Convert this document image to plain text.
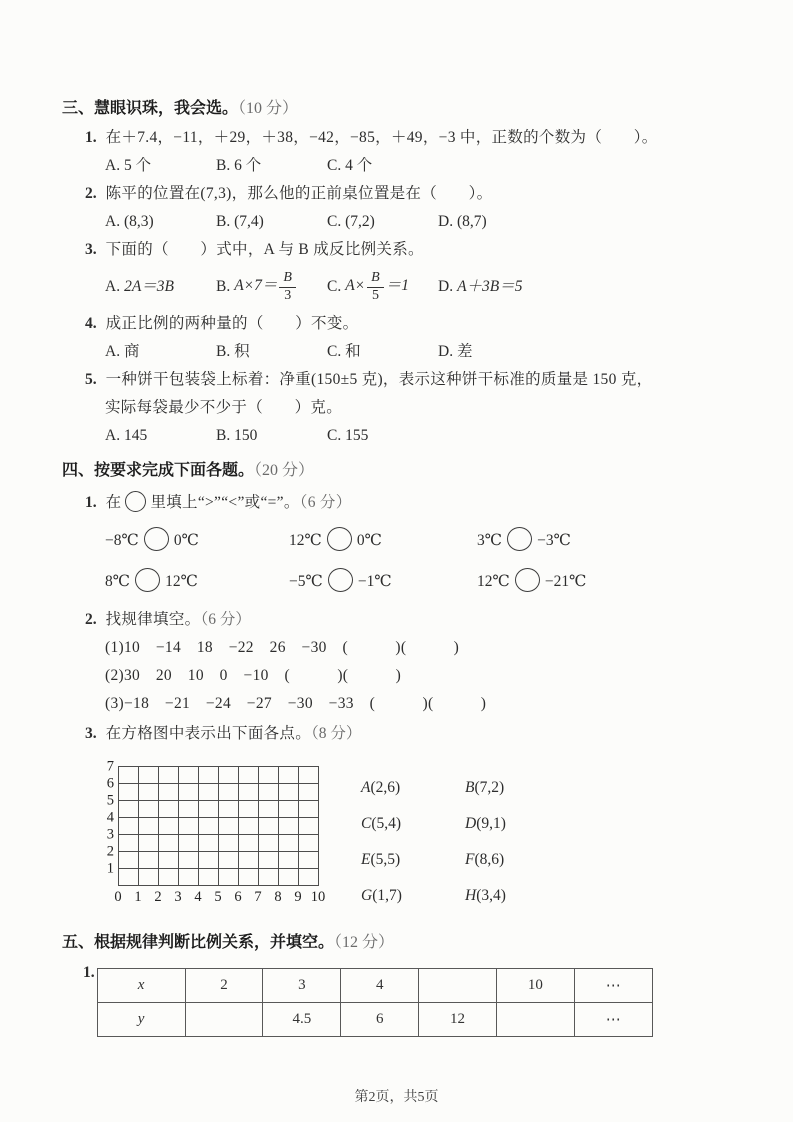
三、慧眼识珠，我会选。（10 分）
1. 在＋7.4，−11，＋29，＋38，−42，−85，＋49，−3 中，正数的个数为（　　）。
A. 5 个	B. 6 个	C. 4 个
2. 陈平的位置在(7,3)，那么他的正前桌位置是在（　　）。
A. (8,3)	B. (7,4)	C. (7,2)	D. (8,7)
3. 下面的（　　）式中，A 与 B 成反比例关系。
A. 2A＝3B	B. $A\times 7= \frac{B}{3} C$. $A\times \frac{B}{5} =1$	D. A＋3B＝5
4. 成正比例的两种量的（　　）不变。
A. 商	B. 积	C. 和	D. 差
5. 一种饼干包装袋上标着：净重(150±5 克)，表示这种饼干标准的质量是 150 克，
实际每袋最少不少于（　　）克。
A. 145	B. 150	C. 155
四、按要求完成下面各题。（20 分）
1. 在 里填上“>”“<”或“=”。（6 分）
−8℃ 0℃	12℃ 0℃	3℃ −3℃
8℃ 12℃	−5℃ −1℃	12℃ −21℃
2. 找规律填空。（6 分）
(1)10　−14　18　−22　26　−30　(　　　)(　　　)
(2)30　20　10　0　−10　(　　　)(　　　)
(3)−18　−21　−24　−27　−30　−33　(　　　)(　　　)
3. 在方格图中表示出下面各点。（8 分）
7
6
5
4
3
2
1
0 1 2 3 4 5 6 7 8 9 10
A(2,6)	B(7,2)
C(5,4)	D(9,1)
E(5,5)	F(8,6)
G(1,7)	H(3,4)
五、根据规律判断比例关系，并填空。（12 分）
1.
x	2	3	4		10	⋯
y		4.5	6	12		⋯
第2页，共5页
